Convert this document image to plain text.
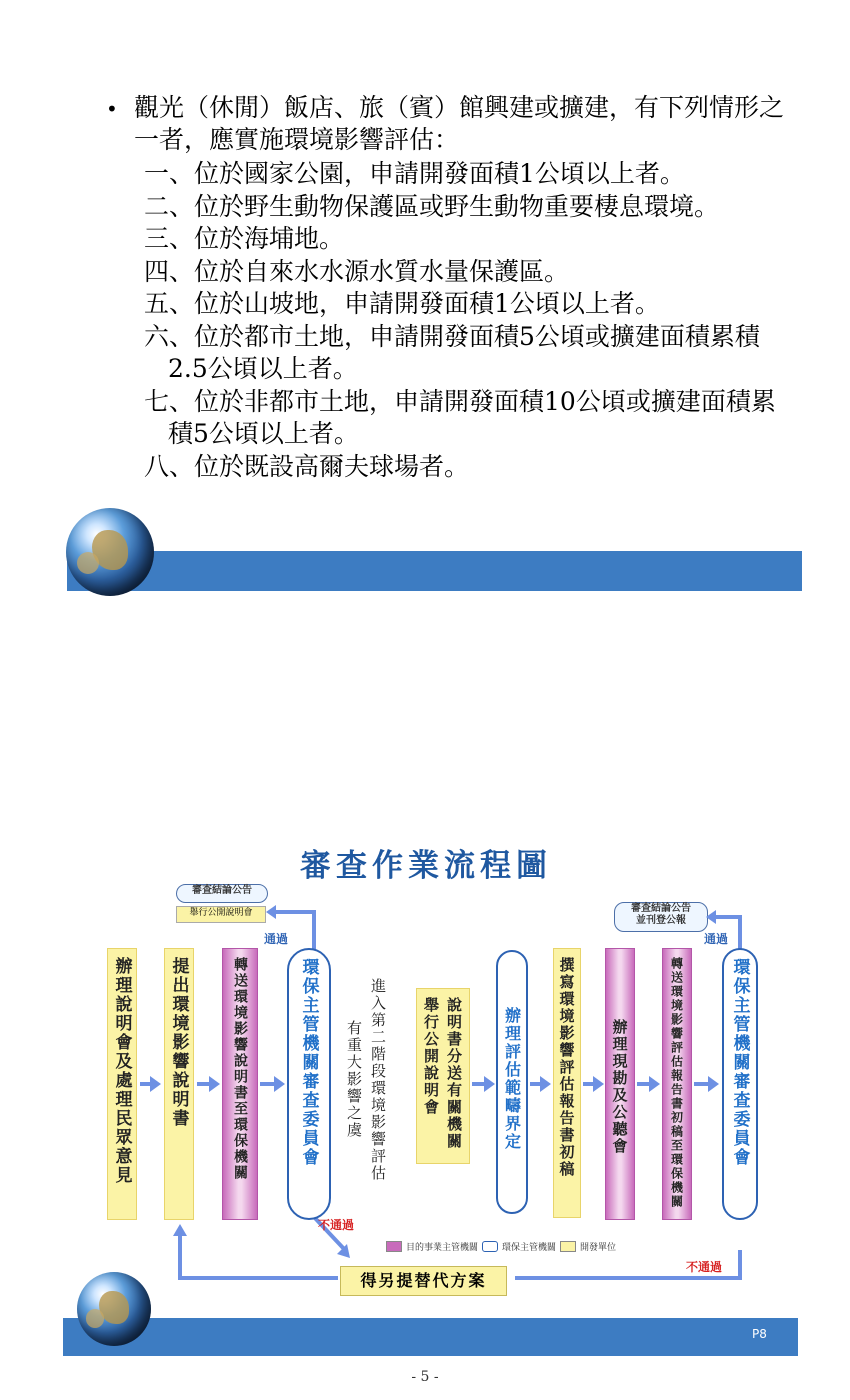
• 觀光（休閒）飯店、旅（賓）館興建或擴建，有下列情形之一者，應實施環境影響評估：
一、位於國家公園，申請開發面積1公頃以上者。
二、位於野生動物保護區或野生動物重要棲息環境。
三、位於海埔地。
四、位於自來水水源水質水量保護區。
五、位於山坡地，申請開發面積1公頃以上者。
六、位於都市土地，申請開發面積5公頃或擴建面積累積2.5公頃以上者。
七、位於非都市土地，申請開發面積10公頃或擴建面積累積5公頃以上者。
八、位於既設高爾夫球場者。
審查作業流程圖
審查結論公告
舉行公開說明會	審查結論公告
並刊登公報
通過	通過
不通過
不通過
辦理說明會及處理民眾意見 提出環境影響說明書	轉送環境影響說明書至環保機關	環保主管機關審查委員會	進入第二階段環境影響評估
有重大影響之虞	舉行公開說明會 說明書分送有關機關 辦理評估範疇界定 撰寫環境影響評估報告書初稿 辦理現勘及公聽會	轉送環境影響評估報告書初稿至環保機關	環保主管機關審查委員會
目的事業主管機關	環保主管機關	開發單位
得另提替代方案
P8
- 5 -
